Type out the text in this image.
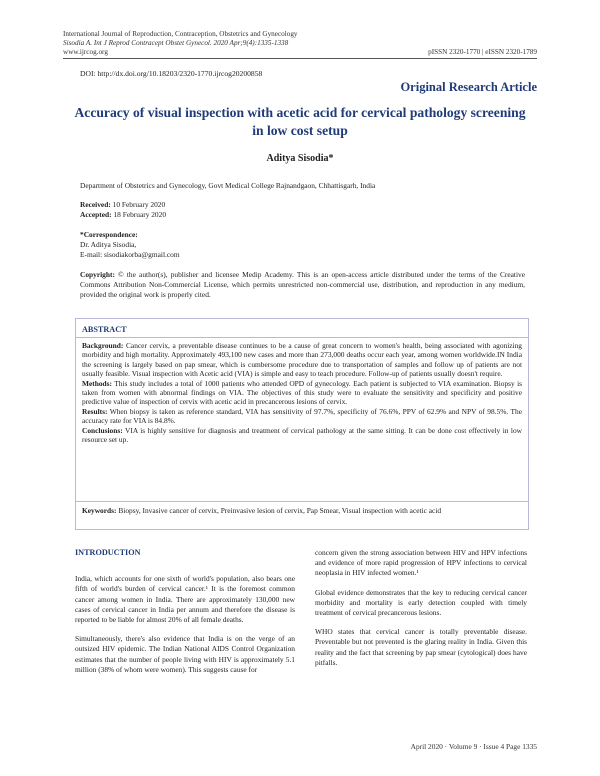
International Journal of Reproduction, Contraception, Obstetrics and Gynecology
Sisodia A. Int J Reprod Contracept Obstet Gynecol. 2020 Apr;9(4):1335-1338
www.ijrcog.org	pISSN 2320-1770 | eISSN 2320-1789
DOI: http://dx.doi.org/10.18203/2320-1770.ijrcog20200858
Original Research Article
Accuracy of visual inspection with acetic acid for cervical pathology screening in low cost setup
Aditya Sisodia*
Department of Obstetrics and Gynecology, Govt Medical College Rajnandgaon, Chhattisgarh, India
Received: 10 February 2020
Accepted: 18 February 2020
*Correspondence:
Dr. Aditya Sisodia,
E-mail: sisodiakorba@gmail.com
Copyright: © the author(s), publisher and licensee Medip Academy. This is an open-access article distributed under the terms of the Creative Commons Attribution Non-Commercial License, which permits unrestricted non-commercial use, distribution, and reproduction in any medium, provided the original work is properly cited.
ABSTRACT

Background: Cancer cervix, a preventable disease continues to be a cause of great concern to women's health, being associated with agonizing morbidity and high mortality. Approximately 493,100 new cases and more than 273,000 deaths occur each year, among women worldwide.IN India the screening is largely based on pap smear, which is cumbersome procedure due to transportation of samples and follow up of patients are not usually feasible. Visual inspection with Acetic acid (VIA) is simple and easy to teach procedure. Follow-up of patients usually doesn't require.

Methods: This study includes a total of 1000 patients who attended OPD of gynecology. Each patient is subjected to VIA examination. Biopsy is taken from women with abnormal findings on VIA. The objectives of this study were to evaluate the sensitivity and specificity and positive predictive value of inspection of cervix with acetic acid in precancerous lesions of cervix.

Results: When biopsy is taken as reference standard, VIA has sensitivity of 97.7%, specificity of 76.6%, PPV of 62.9% and NPV of 98.5%. The accuracy rate for VIA is 84.8%.

Conclusions: VIA is highly sensitive for diagnosis and treatment of cervical pathology at the same sitting. It can be done cost effectively in low resource set up.

Keywords: Biopsy, Invasive cancer of cervix, Preinvasive lesion of cervix, Pap Smear, Visual inspection with acetic acid
INTRODUCTION

India, which accounts for one sixth of world's population, also bears one fifth of world's burden of cervical cancer.¹ It is the foremost common cancer among women in India. There are approximately 130,000 new cases of cervical cancer in India per annum and therefore the disease is reported to be liable for almost 20% of all female deaths.

Simultaneously, there's also evidence that India is on the verge of an outsized HIV epidemic. The Indian National AIDS Control Organization estimates that the number of people living with HIV is approximately 5.1 million (38% of whom were women). This suggests cause for

concern given the strong association between HIV and HPV infections and evidence of more rapid progression of HPV infections to cervical neoplasia in HIV infected women.¹

Global evidence demonstrates that the key to reducing cervical cancer morbidity and mortality is early detection coupled with timely treatment of cervical precancerous lesions.

WHO states that cervical cancer is totally preventable disease. Preventable but not prevented is the glaring reality in India. Given this reality and the fact that screening by pap smear (cytological) does have pitfalls.

April 2020 · Volume 9 · Issue 4 Page 1335
